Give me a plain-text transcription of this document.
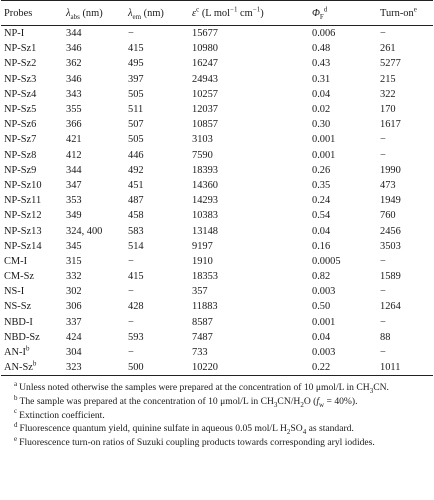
Probes	$\lambda_{abs}$ (nm)	$\lambda_{em}$ (nm)	$\varepsilon^c$ (L mol$^{-1}$ $cm^{-1}$)	$\Phi_F^d$	Turn-$on^e$
NP-I	344	−	15677	0.006	−
NP-Sz1	346	415	10980	0.48	261
NP-Sz2	362	495	16247	0.43	5277
NP-Sz3	346	397	24943	0.31	215
NP-Sz4	343	505	10257	0.04	322
NP-Sz5	355	511	12037	0.02	170
NP-Sz6	366	507	10857	0.30	1617
NP-Sz7	421	505	3103	0.001	−
NP-Sz8	412	446	7590	0.001	−
NP-Sz9	344	492	18393	0.26	1990
NP-Sz10	347	451	14360	0.35	473
NP-Sz11	353	487	14293	0.24	1949
NP-Sz12	349	458	10383	0.54	760
NP-Sz13	324, 400	583	13148	0.04	2456
NP-Sz14	345	514	9197	0.16	3503
CM-I	315	−	1910	0.0005	−
CM-Sz	332	415	18353	0.82	1589
NS-I	302	−	357	0.003	−
NS-Sz	306	428	11883	0.50	1264
NBD-I	337	−	8587	0.001	−
NBD-Sz	424	593	7487	0.04	88
$AN-I^b$	304	−	733	0.003	−
$AN-Sz^b$	323	500	10220	0.22	1011

$^a$ Unless noted otherwise the samples were prepared at the concentration of 10 μmol/L in $CH_3CN$.

$^b$ The sample was prepared at the concentration of 10 μmol/L in $CH_3CN/H_2O$ $(f_w = 40\%)$.

$^c$ Extinction coefficient.

$^d$ Fluorescence quantum yield, quinine sulfate in aqueous 0.05 mol/L $H_2SO_4$ as standard.

$^e$ Fluorescence turn-on ratios of Suzuki coupling products towards corresponding aryl iodides.
